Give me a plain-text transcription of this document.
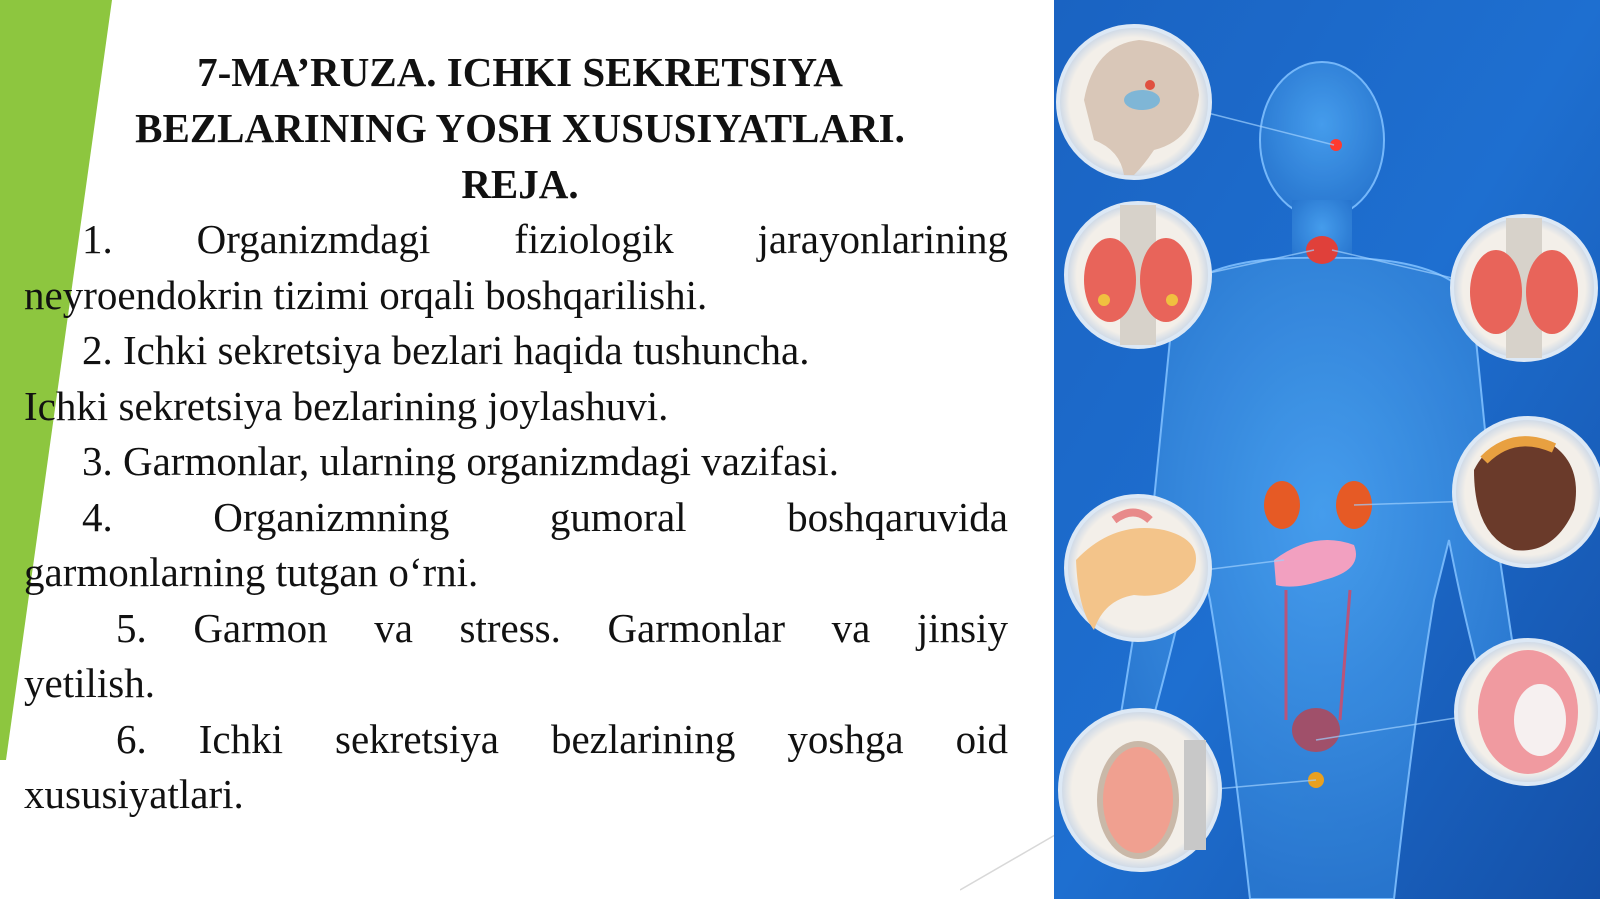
7-MA’RUZA. ICHKI SEKRETSIYA
BEZLARINING YOSH XUSUSIYATLARI.
REJA.
1. Organizmdagi fiziologik jarayonlarining
neyroendokrin tizimi orqali boshqarilishi.
2. Ichki sekretsiya bezlari haqida tushuncha.
Ichki sekretsiya bezlarining joylashuvi.
3. Garmonlar, ularning organizmdagi vazifasi.
4. Organizmning gumoral boshqaruvida
garmonlarning tutgan o‘rni.
5. Garmon va stress. Garmonlar va jinsiy
yetilish.
6. Ichki sekretsiya bezlarining yoshga oid
xususiyatlari.
